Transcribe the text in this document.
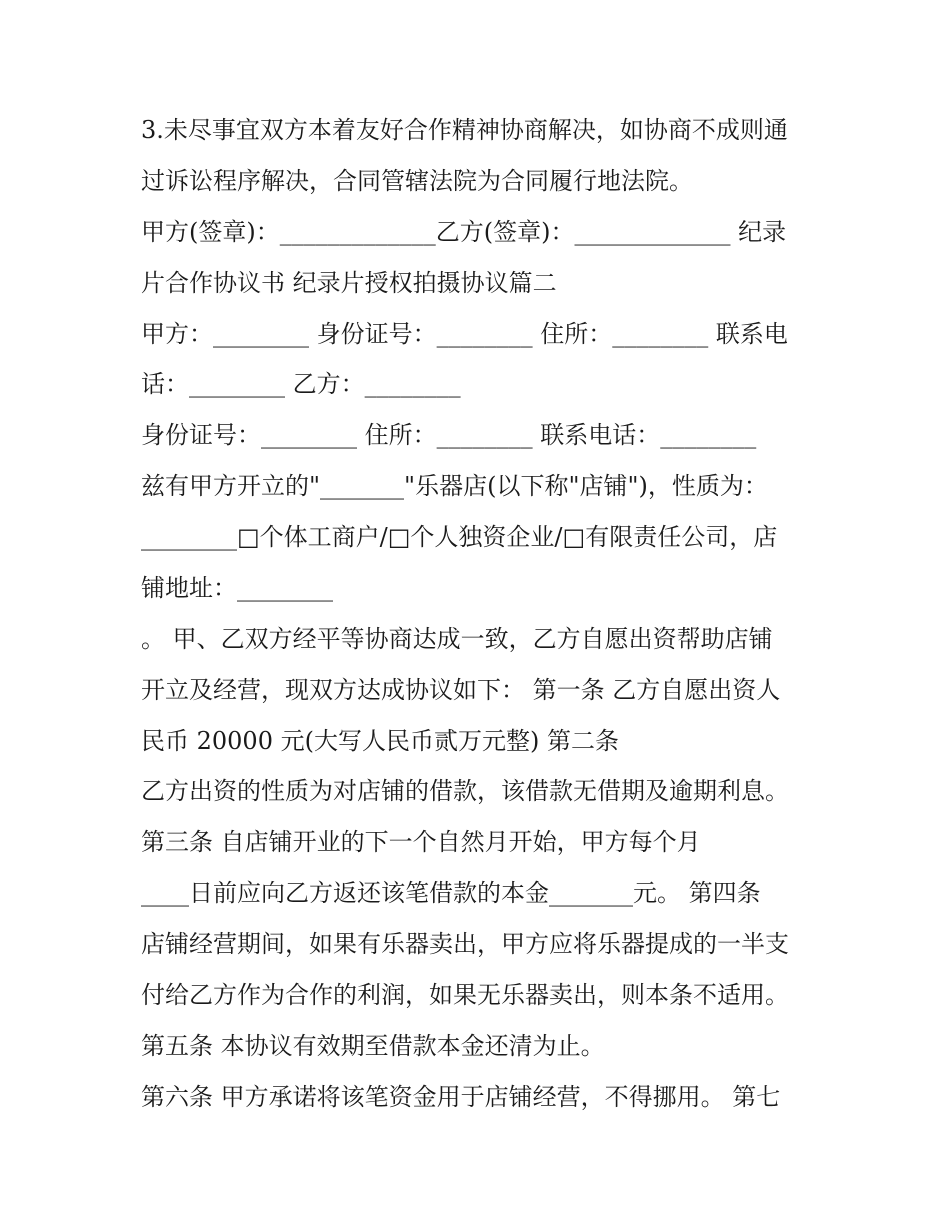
3.未尽事宜双方本着友好合作精神协商解决，如协商不成则通
过诉讼程序解决，合同管辖法院为合同履行地法院。
甲方(签章)：_____________乙方(签章)：_____________ 纪录
片合作协议书 纪录片授权拍摄协议篇二
甲方：________ 身份证号：________ 住所：________ 联系电
话：________ 乙方：________
身份证号：________ 住所：________ 联系电话：________
兹有甲方开立的"_______"乐器店(以下称"店铺")，性质为：
________□个体工商户/□个人独资企业/□有限责任公司，店
铺地址：________
。 甲、乙双方经平等协商达成一致，乙方自愿出资帮助店铺
开立及经营，现双方达成协议如下： 第一条 乙方自愿出资人
民币 20000 元(大写人民币贰万元整) 第二条
乙方出资的性质为对店铺的借款，该借款无借期及逾期利息。
第三条 自店铺开业的下一个自然月开始，甲方每个月
____日前应向乙方返还该笔借款的本金_______元。 第四条
店铺经营期间，如果有乐器卖出，甲方应将乐器提成的一半支
付给乙方作为合作的利润，如果无乐器卖出，则本条不适用。
第五条 本协议有效期至借款本金还清为止。
第六条 甲方承诺将该笔资金用于店铺经营，不得挪用。 第七
